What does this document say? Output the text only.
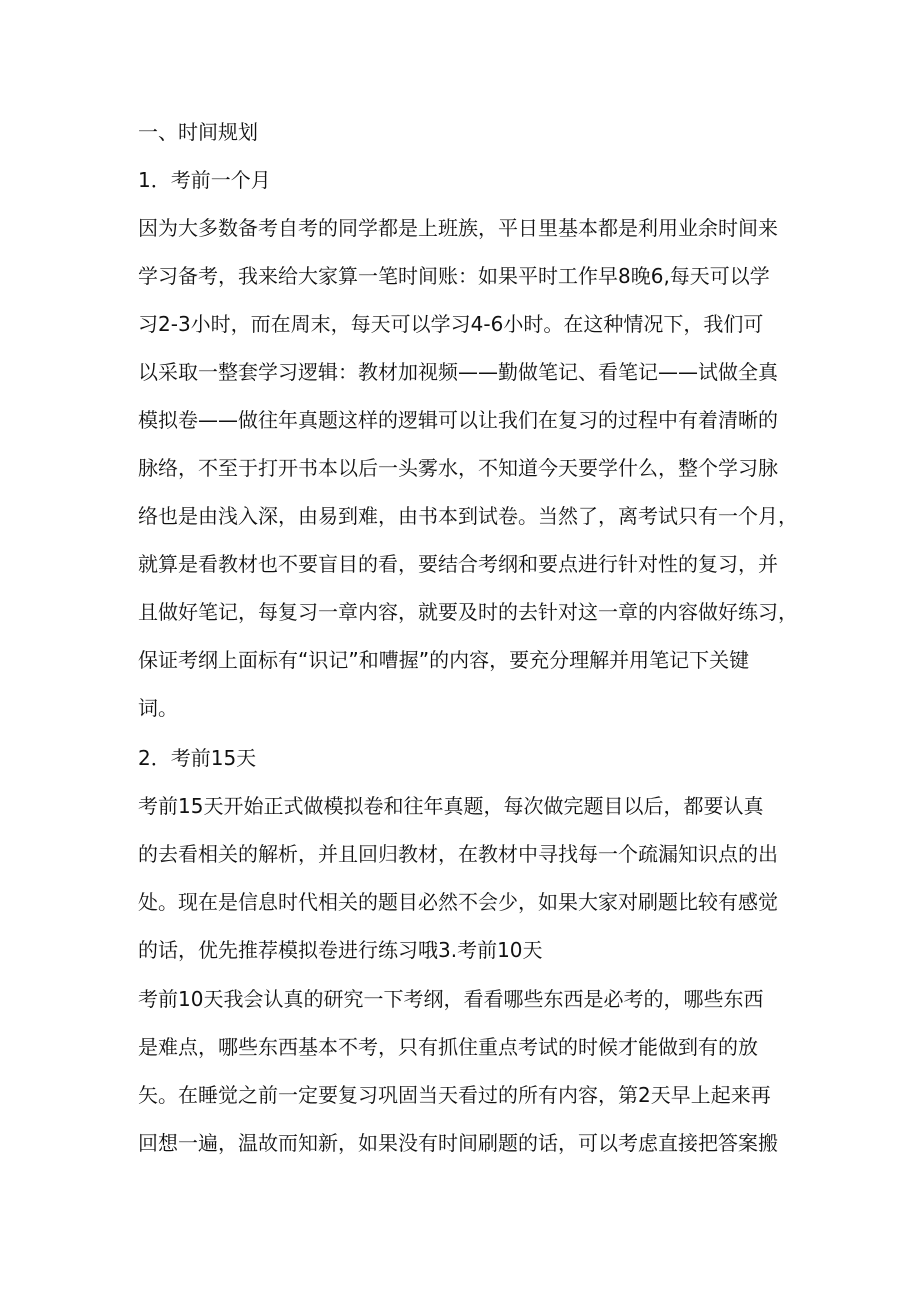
一、时间规划
1．考前一个月
因为大多数备考自考的同学都是上班族，平日里基本都是利用业余时间来
学习备考，我来给大家算一笔时间账：如果平时工作早8晚6,每天可以学
习2-3小时，而在周末，每天可以学习4-6小时。在这种情况下，我们可
以采取一整套学习逻辑：教材加视频——勤做笔记、看笔记——试做全真
模拟卷——做往年真题这样的逻辑可以让我们在复习的过程中有着清晰的
脉络，不至于打开书本以后一头雾水，不知道今天要学什么，整个学习脉
络也是由浅入深，由易到难，由书本到试卷。当然了，离考试只有一个月，
就算是看教材也不要盲目的看，要结合考纲和要点进行针对性的复习，并
且做好笔记，每复习一章内容，就要及时的去针对这一章的内容做好练习，
保证考纲上面标有“识记”和嘈握”的内容，要充分理解并用笔记下关键
词。
2．考前15天
考前15天开始正式做模拟卷和往年真题，每次做完题目以后，都要认真
的去看相关的解析，并且回归教材，在教材中寻找每一个疏漏知识点的出
处。现在是信息时代相关的题目必然不会少，如果大家对刷题比较有感觉
的话，优先推荐模拟卷进行练习哦3.考前10天
考前10天我会认真的研究一下考纲，看看哪些东西是必考的，哪些东西
是难点，哪些东西基本不考，只有抓住重点考试的时候才能做到有的放
矢。在睡觉之前一定要复习巩固当天看过的所有内容，第2天早上起来再
回想一遍，温故而知新，如果没有时间刷题的话，可以考虑直接把答案搬
